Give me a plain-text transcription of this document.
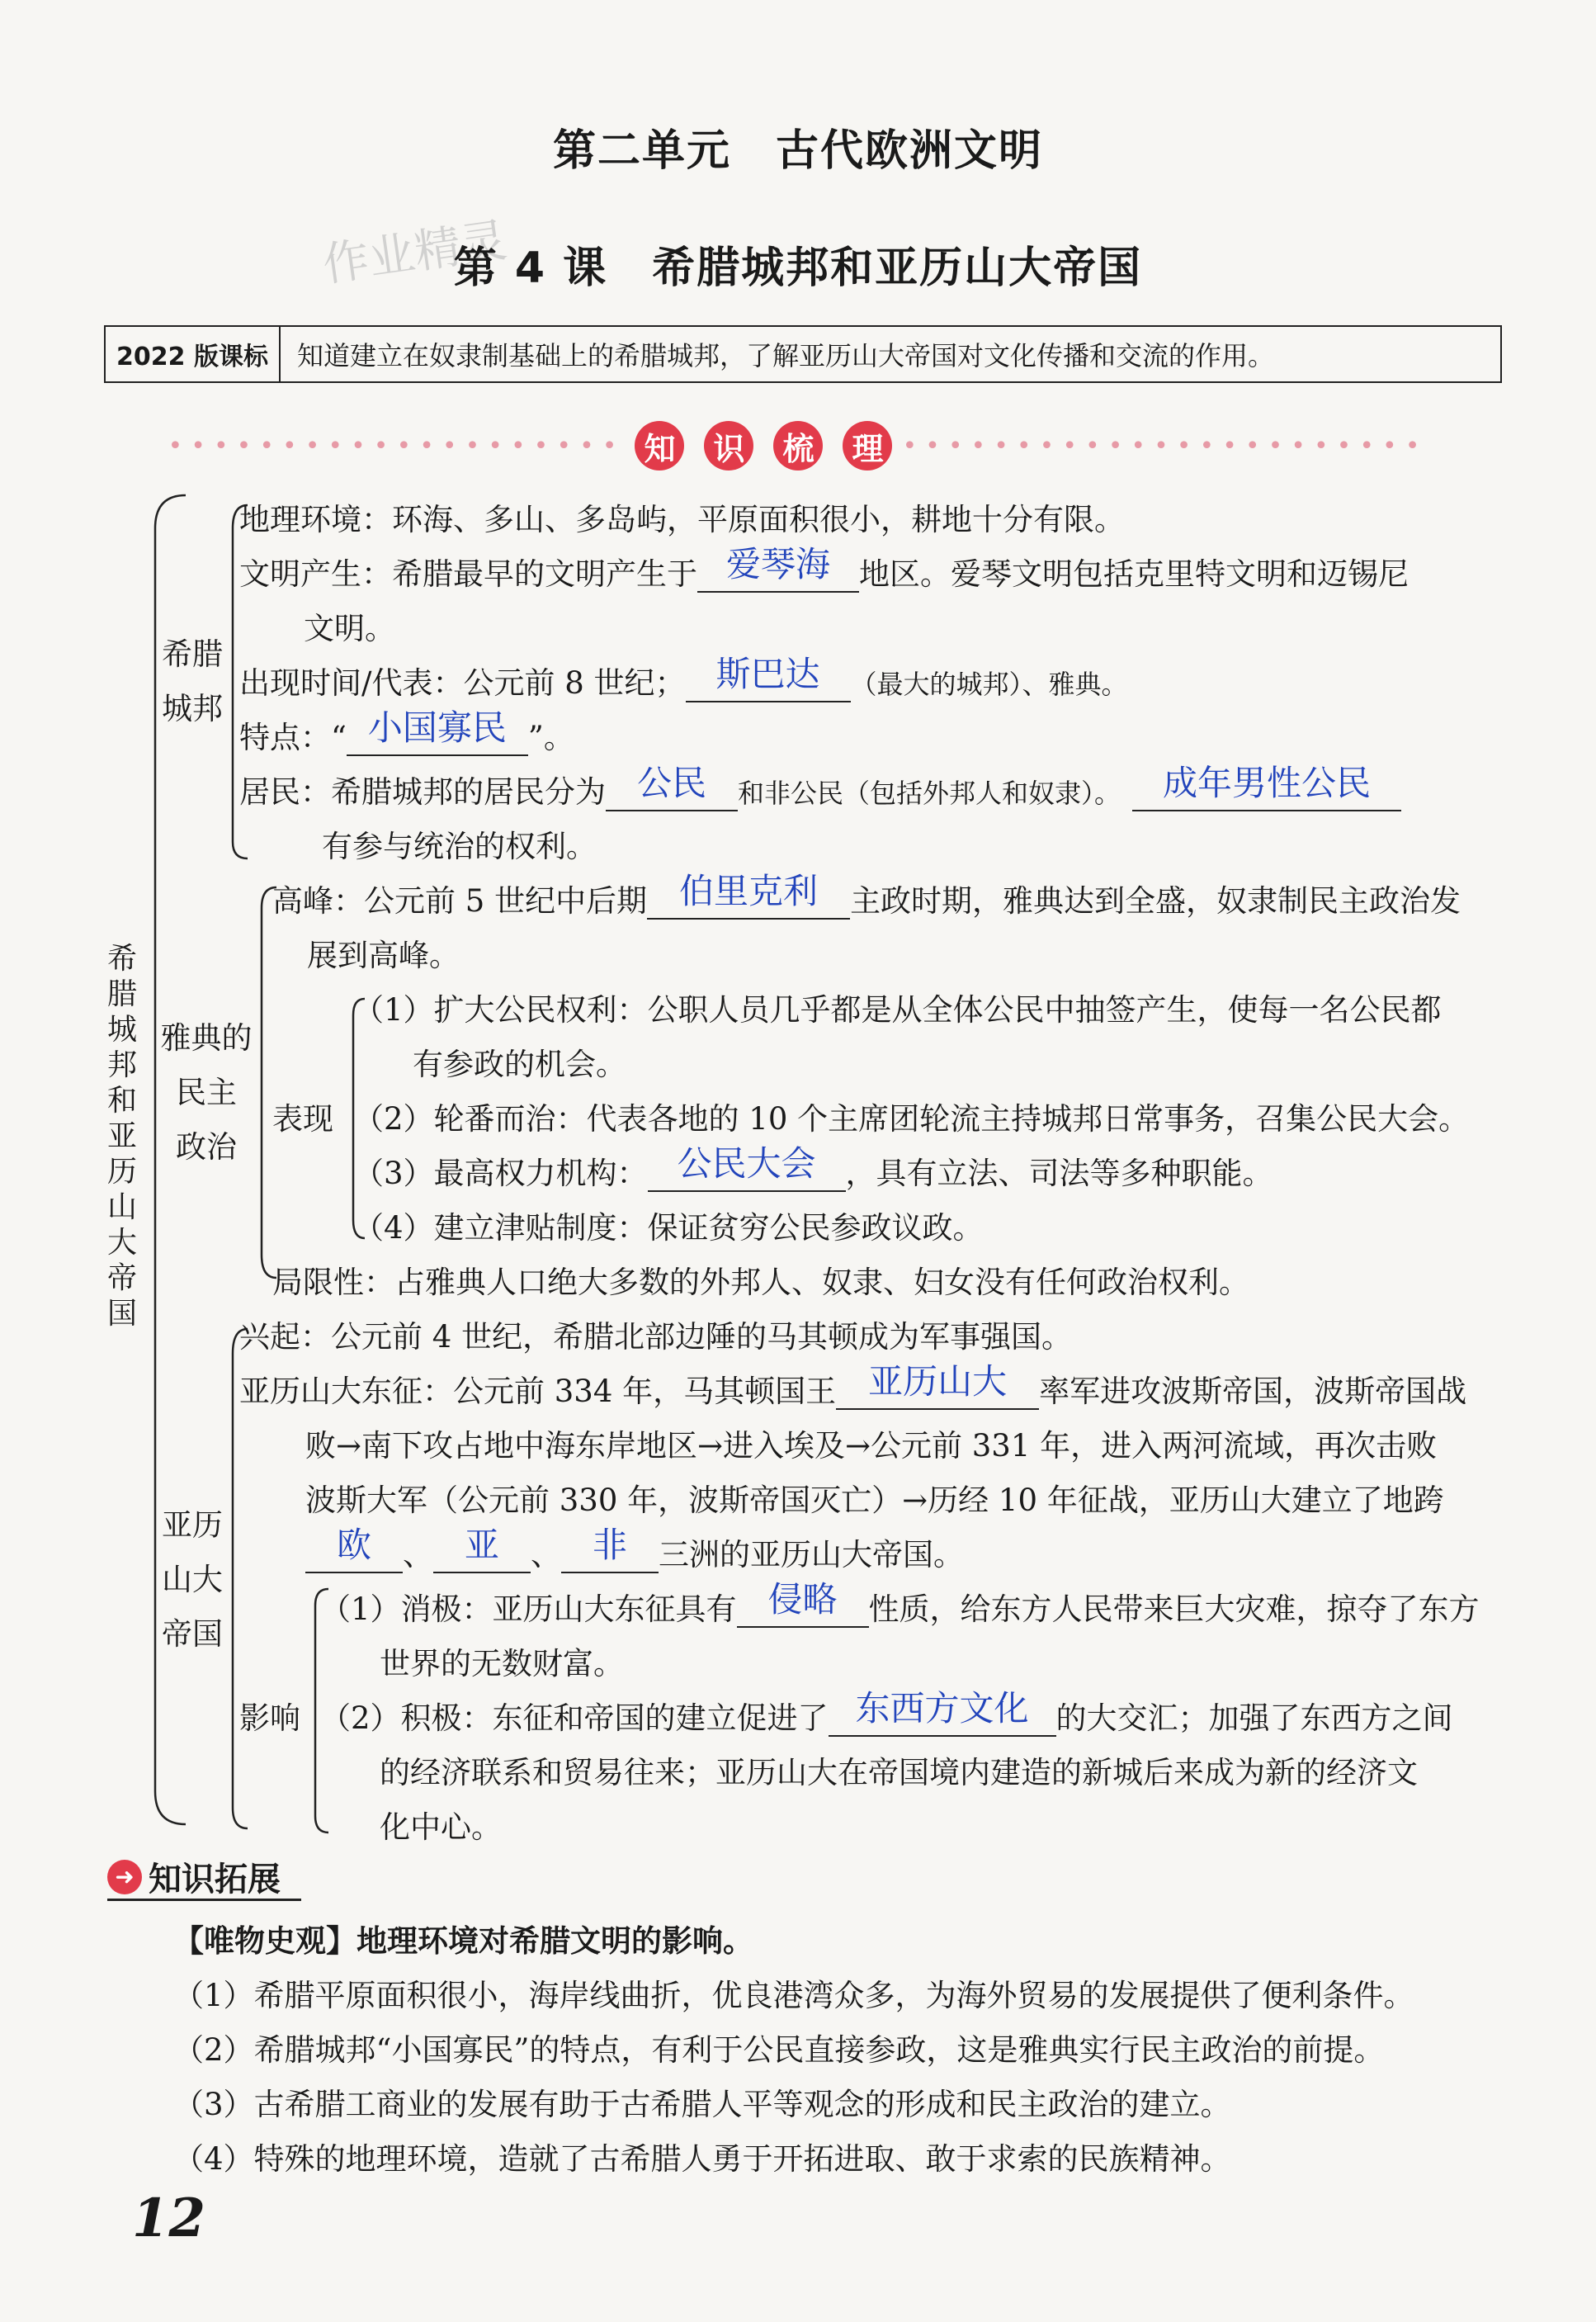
第二单元　古代欧洲文明
作业精灵
第 4 课　希腊城邦和亚历山大帝国
2022 版课标	知道建立在奴隶制基础上的希腊城邦，了解亚历山大帝国对文化传播和交流的作用。
•••••••••••••••••••• 知 识 梳 理 •••••••••••••••••••••••
希腊城邦和亚历山大帝国
希腊
城邦
地理环境：环海、多山、多岛屿，平原面积很小，耕地十分有限。
文明产生：希腊最早的文明产生于 爱琴海 地区。爱琴文明包括克里特文明和迈锡尼
文明。
出现时间/代表：公元前 8 世纪； 斯巴达	（最大的城邦）、雅典。
特点：“ 小国寡民 ”。
居民：希腊城邦的居民分为 公民	和非公民（包括外邦人和奴隶）。	成年男性公民
有参与统治的权利。
雅典的
民主
政治
高峰：公元前 5 世纪中后期 伯里克利	主政时期，雅典达到全盛，奴隶制民主政治发
展到高峰。
表现
（1）扩大公民权利：公职人员几乎都是从全体公民中抽签产生，使每一名公民都
有参政的机会。
（2）轮番而治：代表各地的 10 个主席团轮流主持城邦日常事务，召集公民大会。
（3）最高权力机构： 公民大会 ，具有立法、司法等多种职能。
（4）建立津贴制度：保证贫穷公民参政议政。
局限性：占雅典人口绝大多数的外邦人、奴隶、妇女没有任何政治权利。
亚历
山大
帝国
兴起：公元前 4 世纪，希腊北部边陲的马其顿成为军事强国。
亚历山大东征：公元前 334 年，马其顿国王 亚历山大	率军进攻波斯帝国，波斯帝国战
败→南下攻占地中海东岸地区→进入埃及→公元前 331 年，进入两河流域，再次击败
波斯大军（公元前 330 年，波斯帝国灭亡）→历经 10 年征战，亚历山大建立了地跨
欧	、 亚	、 非	三洲的亚历山大帝国。
影响
（1）消极：亚历山大东征具有 侵略	性质，给东方人民带来巨大灾难，掠夺了东方
世界的无数财富。
（2）积极：东征和帝国的建立促进了 东西方文化 的大交汇；加强了东西方之间
的经济联系和贸易往来；亚历山大在帝国境内建造的新城后来成为新的经济文
化中心。
➜ 知识拓展
【唯物史观】地理环境对希腊文明的影响。
（1）希腊平原面积很小，海岸线曲折，优良港湾众多，为海外贸易的发展提供了便利条件。
（2）希腊城邦“小国寡民”的特点，有利于公民直接参政，这是雅典实行民主政治的前提。
（3）古希腊工商业的发展有助于古希腊人平等观念的形成和民主政治的建立。
（4）特殊的地理环境，造就了古希腊人勇于开拓进取、敢于求索的民族精神。
12
